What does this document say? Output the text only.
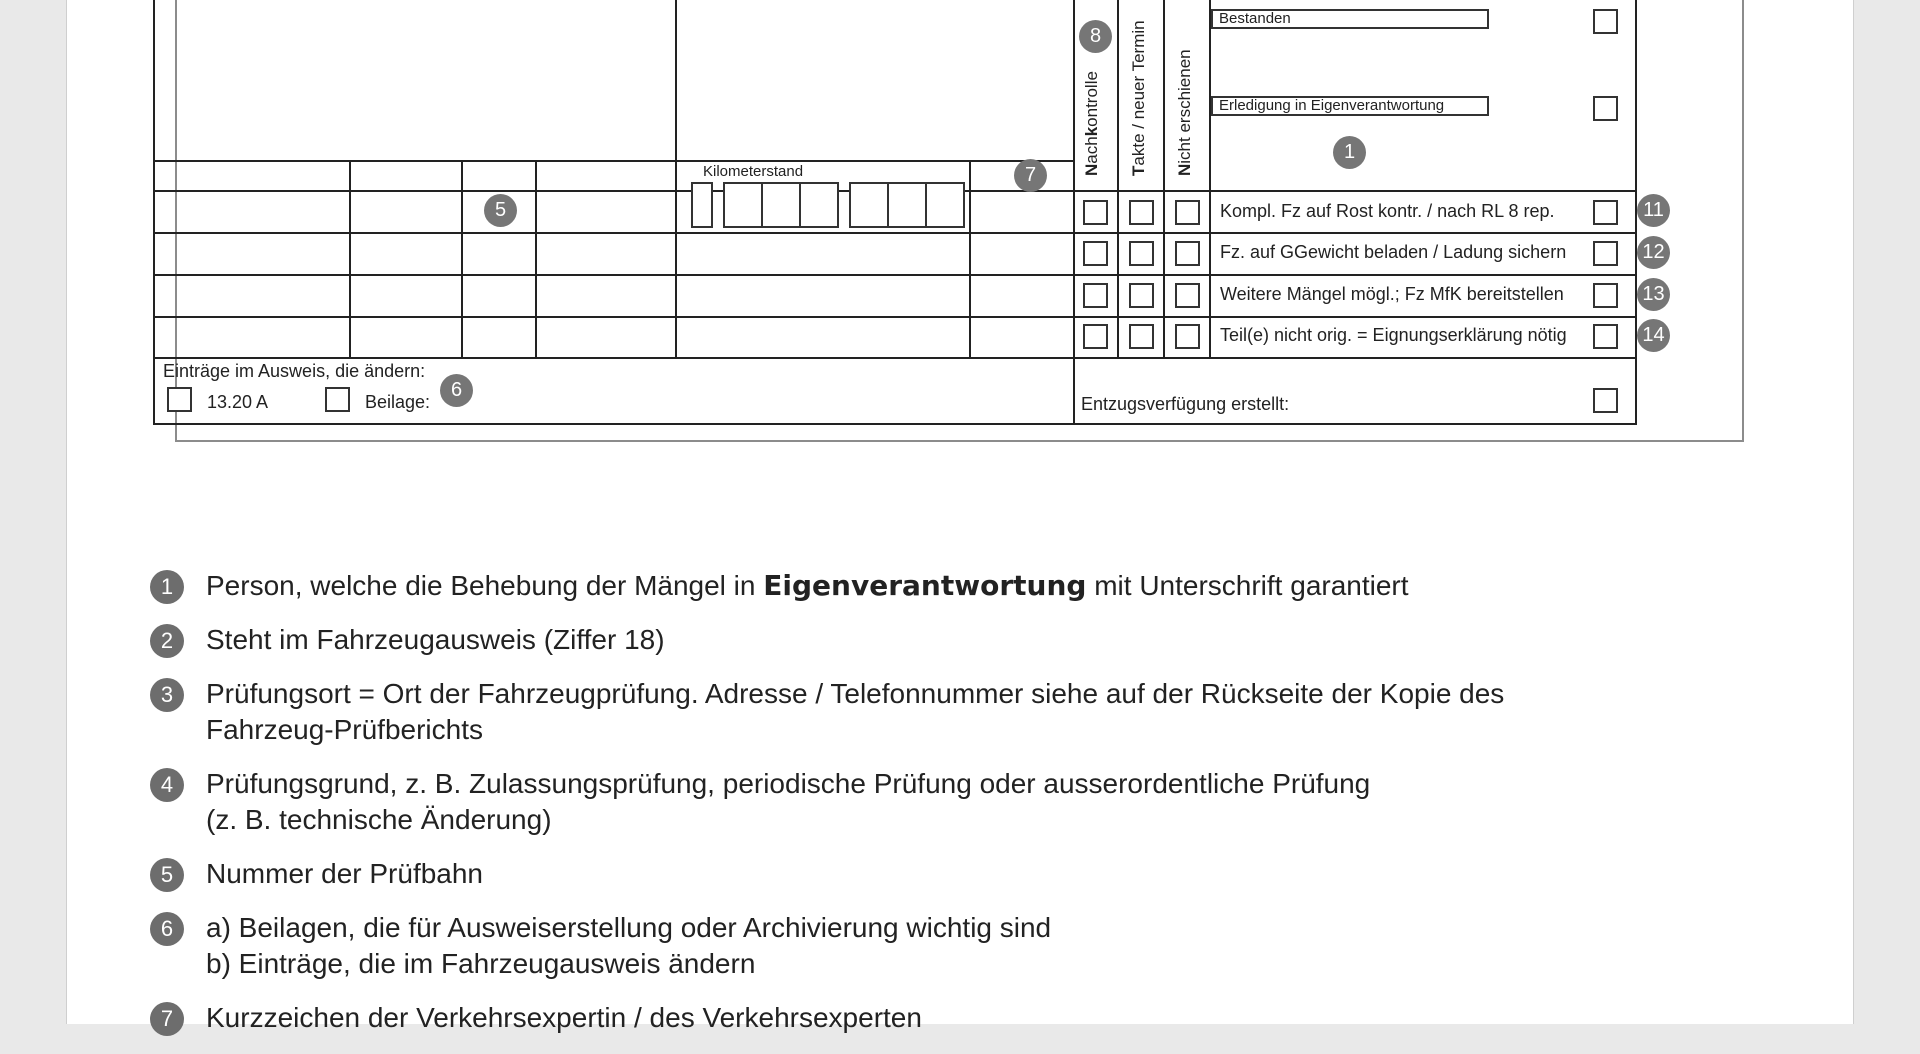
Bestanden
Erledigung in Eigenverantwortung
1
Nachkontrolle
Takte / neuer Termin
Nicht erschienen
8
Kilometerstand	7
5	Kompl. Fz auf Rost kontr. / nach RL 8 rep.	11
Fz. auf GGewicht beladen / Ladung sichern	12
Weitere Mängel mögl.; Fz MfK bereitstellen	13
Teil(e) nicht orig. = Eignungserklärung nötig	14
Einträge im Ausweis, die ändern:
13.20 A	Beilage:
6
Entzugsverfügung erstellt:
1	Person, welche die Behebung der Mängel in Eigenverantwortung mit Unterschrift garantiert
2	Steht im Fahrzeugausweis (Ziffer 18)
3	Prüfungsort = Ort der Fahrzeugprüfung. Adresse / Telefonnummer siehe auf der Rückseite der Kopie des
Fahrzeug-Prüfberichts
4	Prüfungsgrund, z. B. Zulassungsprüfung, periodische Prüfung oder ausserordentliche Prüfung
(z. B. technische Änderung)
5	Nummer der Prüfbahn
6	a) Beilagen, die für Ausweiserstellung oder Archivierung wichtig sind
b) Einträge, die im Fahrzeugausweis ändern
7	Kurzzeichen der Verkehrsexpertin / des Verkehrsexperten
